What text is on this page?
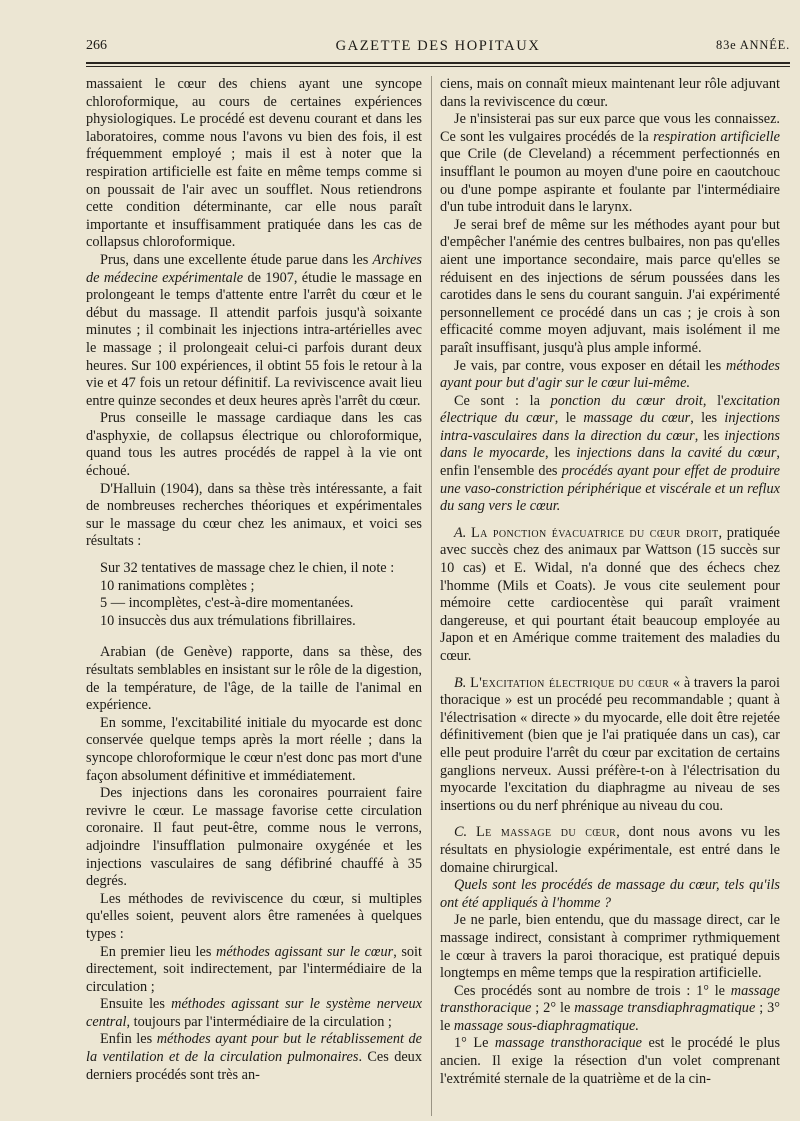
266	GAZETTE DES HOPITAUX	83e ANNÉE.

massaient le cœur des chiens ayant une syncope chloroformique, au cours de certaines expériences physiologiques. Le procédé est devenu courant et dans les laboratoires, comme nous l'avons vu bien des fois, il est fréquemment employé ; mais il est à noter que la respiration artificielle est faite en même temps comme si on poussait de l'air avec un soufflet. Nous retiendrons cette condition déterminante, car elle nous paraît importante et insuffisamment pratiquée dans les cas de collapsus chloroformique.

Prus, dans une excellente étude parue dans les Archives de médecine expérimentale de 1907, étudie le massage en prolongeant le temps d'attente entre l'arrêt du cœur et le début du massage. Il attendit parfois jusqu'à soixante minutes ; il combinait les injections intra-artérielles avec le massage ; il prolongeait celui-ci parfois durant deux heures. Sur 100 expériences, il obtint 55 fois le retour à la vie et 47 fois un retour définitif. La reviviscence avait lieu entre quinze secondes et deux heures après l'arrêt du cœur.

Prus conseille le massage cardiaque dans les cas d'asphyxie, de collapsus électrique ou chloroformique, quand tous les autres procédés de rappel à la vie ont échoué.

D'Halluin (1904), dans sa thèse très intéressante, a fait de nombreuses recherches théoriques et expérimentales sur le massage du cœur chez les animaux, et voici ses résultats :

Sur 32 tentatives de massage chez le chien, il note :

10 ranimations complètes ;

5 — incomplètes, c'est-à-dire momentanées.

10 insuccès dus aux trémulations fibrillaires.

Arabian (de Genève) rapporte, dans sa thèse, des résultats semblables en insistant sur le rôle de la digestion, de la température, de l'âge, de la taille de l'animal en expérience.

En somme, l'excitabilité initiale du myocarde est donc conservée quelque temps après la mort réelle ; dans la syncope chloroformique le cœur n'est donc pas mort d'une façon absolument définitive et immédiatement.

Des injections dans les coronaires pourraient faire revivre le cœur. Le massage favorise cette circulation coronaire. Il faut peut-être, comme nous le verrons, adjoindre l'insufflation pulmonaire oxygénée et les injections vasculaires de sang défibriné chauffé à 35 degrés.

Les méthodes de reviviscence du cœur, si multiples qu'elles soient, peuvent alors être ramenées à quelques types :

En premier lieu les méthodes agissant sur le cœur, soit directement, soit indirectement, par l'intermédiaire de la circulation ;

Ensuite les méthodes agissant sur le système nerveux central, toujours par l'intermédiaire de la circulation ;

Enfin les méthodes ayant pour but le rétablissement de la ventilation et de la circulation pulmonaires. Ces deux derniers procédés sont très an-

ciens, mais on connaît mieux maintenant leur rôle adjuvant dans la reviviscence du cœur.

Je n'insisterai pas sur eux parce que vous les connaissez. Ce sont les vulgaires procédés de la respiration artificielle que Crile (de Cleveland) a récemment perfectionnés en insufflant le poumon au moyen d'une poire en caoutchouc ou d'une pompe aspirante et foulante par l'intermédiaire d'un tube introduit dans le larynx.

Je serai bref de même sur les méthodes ayant pour but d'empêcher l'anémie des centres bulbaires, non pas qu'elles aient une importance secondaire, mais parce qu'elles se réduisent en des injections de sérum poussées dans les carotides dans le sens du courant sanguin. J'ai expérimenté personnellement ce procédé dans un cas ; je crois à son efficacité comme moyen adjuvant, mais isolément il me paraît insuffisant, jusqu'à plus ample informé.

Je vais, par contre, vous exposer en détail les méthodes ayant pour but d'agir sur le cœur lui-même.

Ce sont : la ponction du cœur droit, l'excitation électrique du cœur, le massage du cœur, les injections intra-vasculaires dans la direction du cœur, les injections dans le myocarde, les injections dans la cavité du cœur, enfin l'ensemble des procédés ayant pour effet de produire une vaso-constriction périphérique et viscérale et un reflux du sang vers le cœur.

A. La ponction évacuatrice du cœur droit, pratiquée avec succès chez des animaux par Wattson (15 succès sur 10 cas) et E. Widal, n'a donné que des échecs chez l'homme (Mils et Coats). Je vous cite seulement pour mémoire cette cardiocentèse qui paraît vraiment dangereuse, et qui pourtant était beaucoup employée au Japon et en Amérique comme traitement des maladies du cœur.

B. L'excitation électrique du cœur « à travers la paroi thoracique » est un procédé peu recommandable ; quant à l'électrisation « directe » du myocarde, elle doit être rejetée définitivement (bien que je l'ai pratiquée dans un cas), car elle peut produire l'arrêt du cœur par excitation de certains ganglions nerveux. Aussi préfère-t-on à l'électrisation du myocarde l'excitation du diaphragme au niveau de ses insertions ou du nerf phrénique au niveau du cou.

C. Le massage du cœur, dont nous avons vu les résultats en physiologie expérimentale, est entré dans le domaine chirurgical.

Quels sont les procédés de massage du cœur, tels qu'ils ont été appliqués à l'homme ?

Je ne parle, bien entendu, que du massage direct, car le massage indirect, consistant à comprimer rythmiquement le cœur à travers la paroi thoracique, est pratiqué depuis longtemps en même temps que la respiration artificielle.

Ces procédés sont au nombre de trois : 1° le massage transthoracique ; 2° le massage transdiaphragmatique ; 3° le massage sous-diaphragmatique.

1° Le massage transthoracique est le procédé le plus ancien. Il exige la résection d'un volet comprenant l'extrémité sternale de la quatrième et de la cin-
